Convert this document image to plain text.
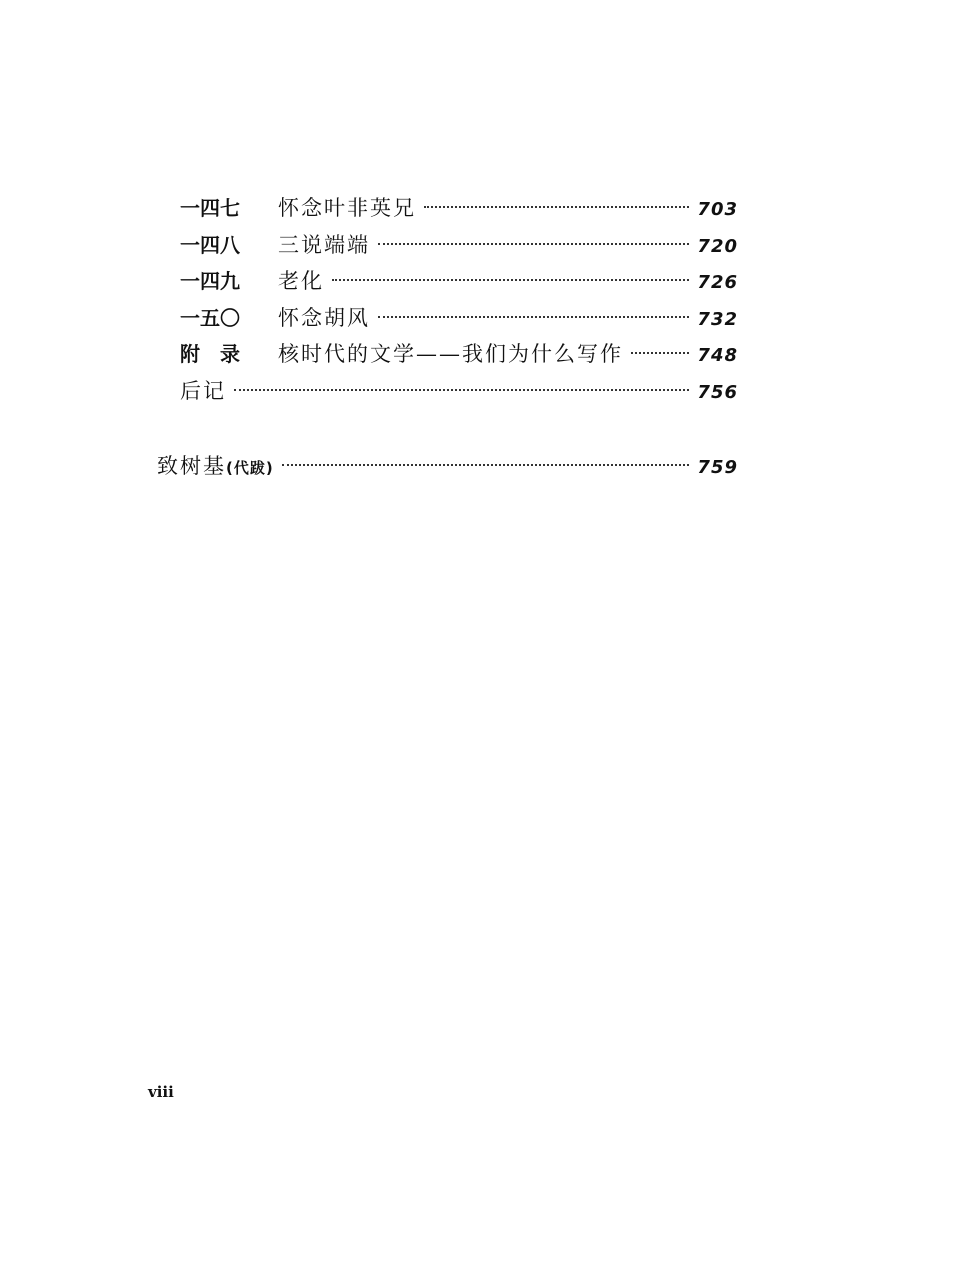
一四七	怀念叶非英兄	703
一四八	三说端端	720
一四九	老化	726
一五〇	怀念胡风	732
附　录	核时代的文学——我们为什么写作	748
后记	756
致树基 (代跋)	759
ⅷ
